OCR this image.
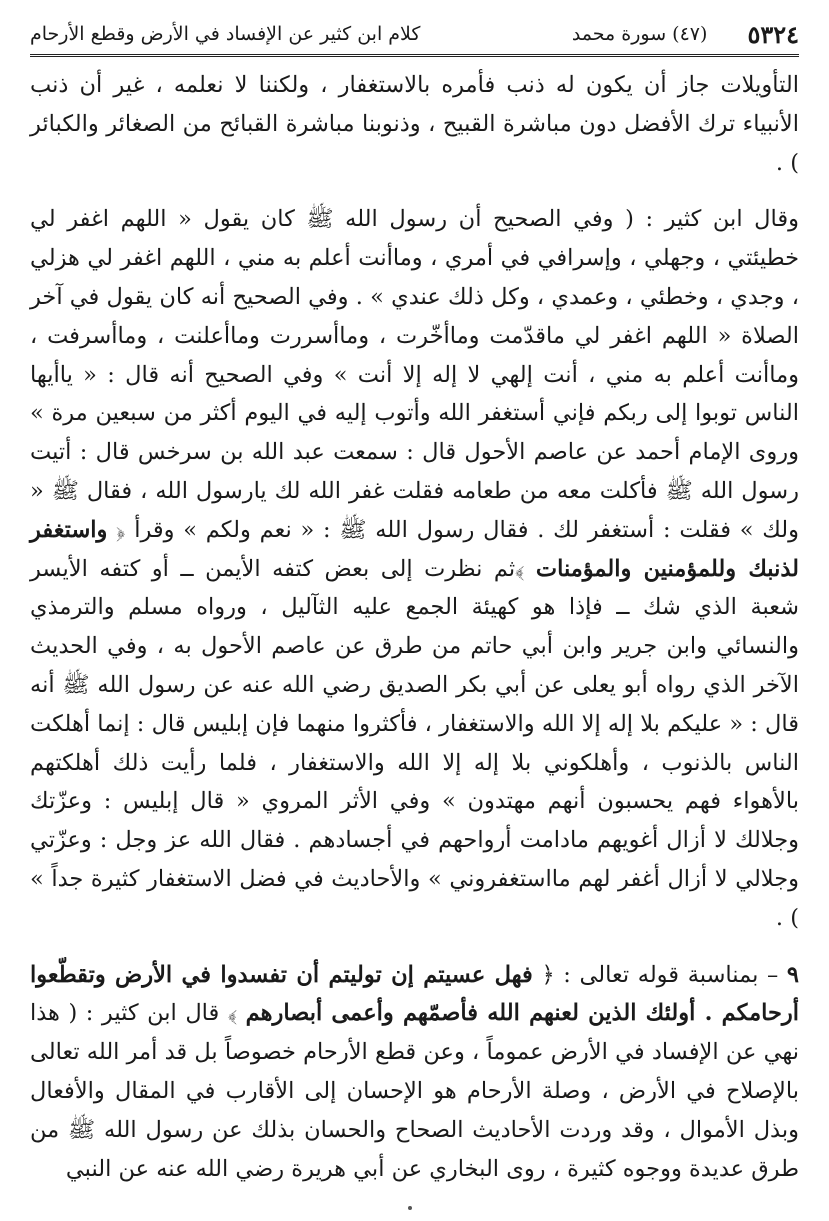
٥٣٢٤
(٤٧) سورة محمد
كلام ابن كثير عن الإفساد في الأرض وقطع الأرحام

التأويلات جاز أن يكون له ذنب فأمره بالاستغفار ، ولكننا لا نعلمه ، غير أن ذنب الأنبياء ترك الأفضل دون مباشرة القبيح ، وذنوبنا مباشرة القبائح من الصغائر والكبائر ) .

وقال ابن كثير : ( وفي الصحيح أن رسول الله ﷺ كان يقول « اللهم اغفر لي خطيئتي ، وجهلي ، وإسرافي في أمري ، وماأنت أعلم به مني ، اللهم اغفر لي هزلي ، وجدي ، وخطئي ، وعمدي ، وكل ذلك عندي » . وفي الصحيح أنه كان يقول في آخر الصلاة « اللهم اغفر لي ماقدّمت وماأخّرت ، وماأسررت وماأعلنت ، وماأسرفت ، وماأنت أعلم به مني ، أنت إلهي لا إله إلا أنت » وفي الصحيح أنه قال : « ياأيها الناس توبوا إلى ربكم فإني أستغفر الله وأتوب إليه في اليوم أكثر من سبعين مرة » وروى الإمام أحمد عن عاصم الأحول قال : سمعت عبد الله بن سرخس قال : أتيت رسول الله ﷺ فأكلت معه من طعامه فقلت غفر الله لك يارسول الله ، فقال ﷺ « ولك » فقلت : أستغفر لك . فقال رسول الله ﷺ : « نعم ولكم » وقرأ ﴿ واستغفر لذنبك وللمؤمنين والمؤمنات ﴾ثم نظرت إلى بعض كتفه الأيمن ــ أو كتفه الأيسر شعبة الذي شك ــ فإذا هو كهيئة الجمع عليه الثآليل ، ورواه مسلم والترمذي والنسائي وابن جرير وابن أبي حاتم من طرق عن عاصم الأحول به ، وفي الحديث الآخر الذي رواه أبو يعلى عن أبي بكر الصديق رضي الله عنه عن رسول الله ﷺ أنه قال : « عليكم بلا إله إلا الله والاستغفار ، فأكثروا منهما فإن إبليس قال : إنما أهلكت الناس بالذنوب ، وأهلكوني بلا إله إلا الله والاستغفار ، فلما رأيت ذلك أهلكتهم بالأهواء فهم يحسبون أنهم مهتدون » وفي الأثر المروي « قال إبليس : وعزّتك وجلالك لا أزال أغويهم مادامت أرواحهم في أجسادهم . فقال الله عز وجل : وعزّتي وجلالي لا أزال أغفر لهم مااستغفروني » والأحاديث في فضل الاستغفار كثيرة جداً » ) .

٩ – بمناسبة قوله تعالى : ﴿ فهل عسيتم إن توليتم أن تفسدوا في الأرض وتقطّعوا أرحامكم . أولئك الذين لعنهم الله فأصمّهم وأعمى أبصارهم ﴾ قال ابن كثير : ( هذا نهي عن الإفساد في الأرض عموماً ، وعن قطع الأرحام خصوصاً بل قد أمر الله تعالى بالإصلاح في الأرض ، وصلة الأرحام هو الإحسان إلى الأقارب في المقال والأفعال وبذل الأموال ، وقد وردت الأحاديث الصحاح والحسان بذلك عن رسول الله ﷺ من طرق عديدة ووجوه كثيرة ، روى البخاري عن أبي هريرة رضي الله عنه عن النبي
